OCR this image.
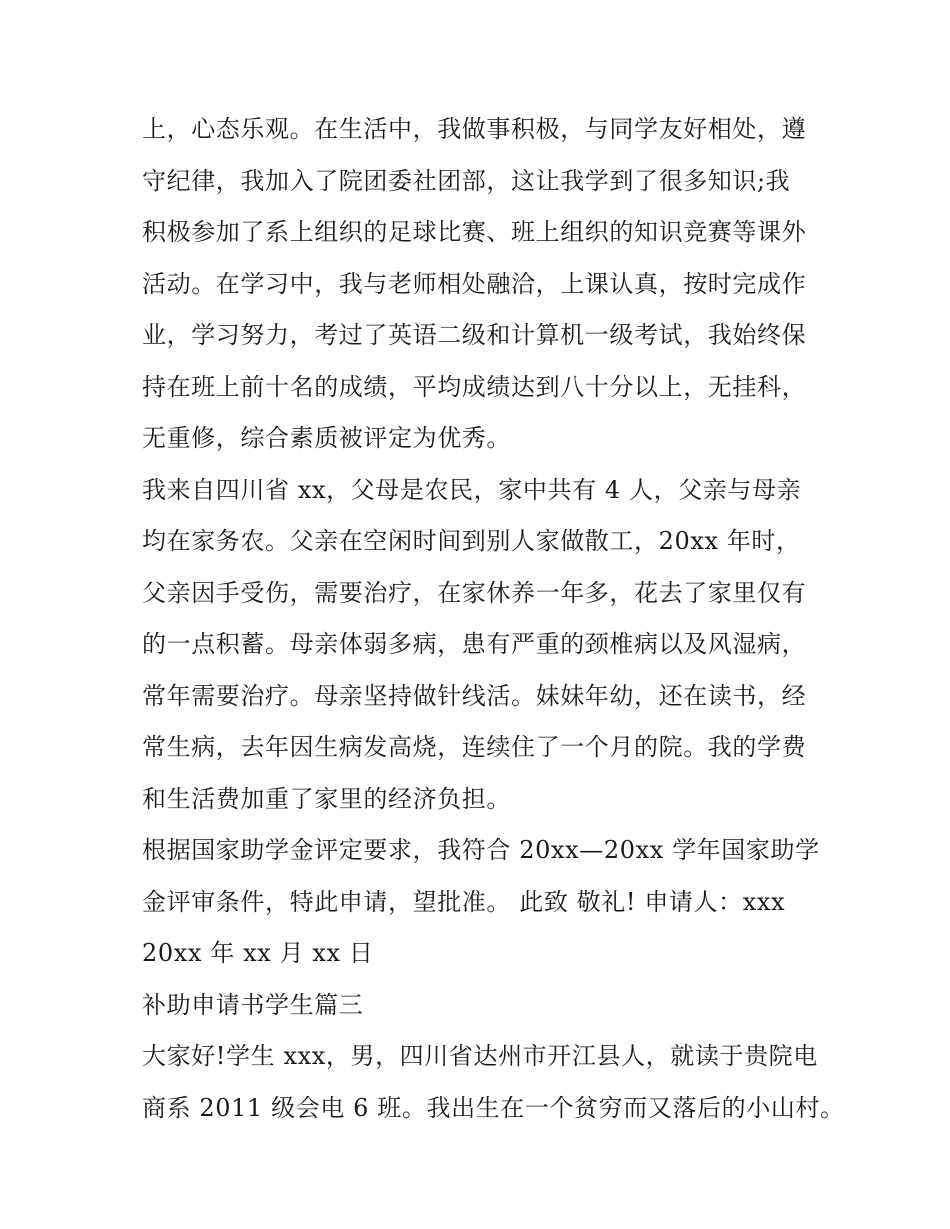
上，心态乐观。在生活中，我做事积极，与同学友好相处，遵
守纪律，我加入了院团委社团部，这让我学到了很多知识;我
积极参加了系上组织的足球比赛、班上组织的知识竞赛等课外
活动。在学习中，我与老师相处融洽，上课认真，按时完成作
业，学习努力，考过了英语二级和计算机一级考试，我始终保
持在班上前十名的成绩，平均成绩达到八十分以上，无挂科，
无重修，综合素质被评定为优秀。
我来自四川省 xx，父母是农民，家中共有 4 人，父亲与母亲
均在家务农。父亲在空闲时间到别人家做散工，20xx 年时，
父亲因手受伤，需要治疗，在家休养一年多，花去了家里仅有
的一点积蓄。母亲体弱多病，患有严重的颈椎病以及风湿病，
常年需要治疗。母亲坚持做针线活。妹妹年幼，还在读书，经
常生病，去年因生病发高烧，连续住了一个月的院。我的学费
和生活费加重了家里的经济负担。
根据国家助学金评定要求，我符合 20xx—20xx 学年国家助学
金评审条件，特此申请，望批准。 此致 敬礼! 申请人：xxx
20xx 年 xx 月 xx 日
补助申请书学生篇三
大家好!学生 xxx，男，四川省达州市开江县人，就读于贵院电
商系 2011 级会电 6 班。我出生在一个贫穷而又落后的小山村。
